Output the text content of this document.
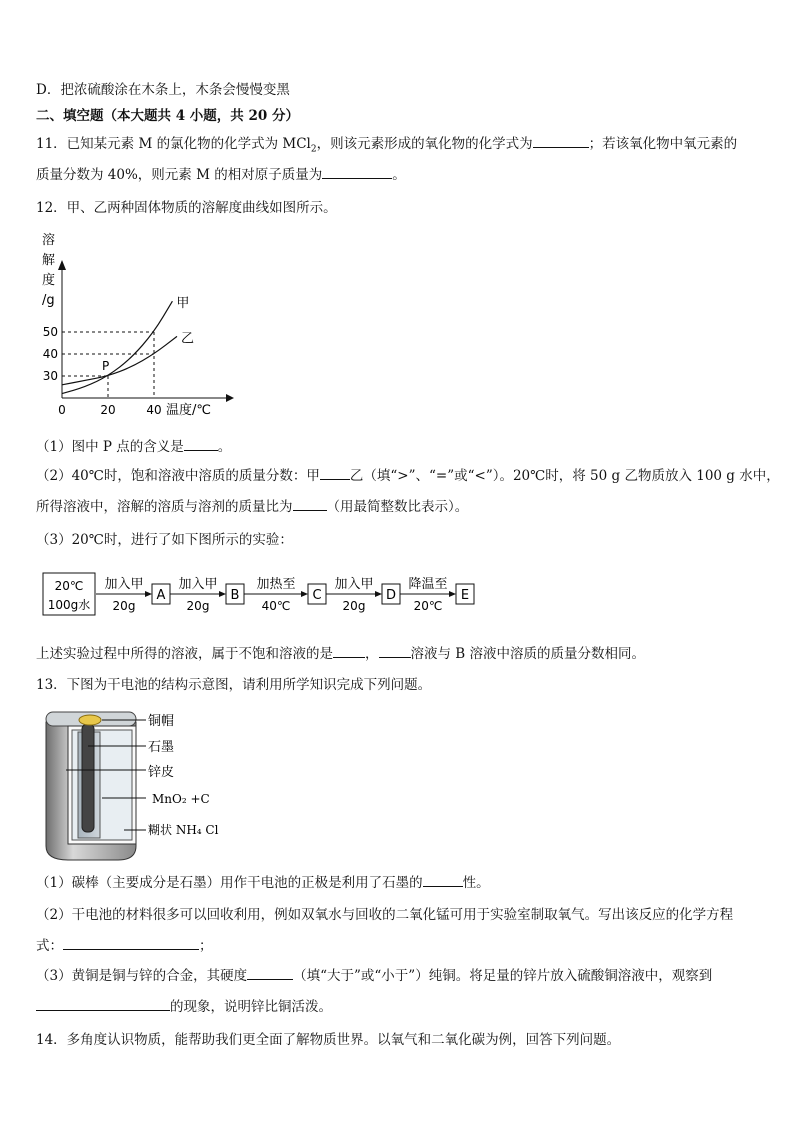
D．把浓硫酸涂在木条上，木条会慢慢变黑
二、填空题（本大题共 4 小题，共 20 分）
11．已知某元素 M 的氯化物的化学式为 MCl$_2$，则该元素形成的氧化物的化学式为	；若该氧化物中氧元素的
质量分数为 40%，则元素 M 的相对原子质量为	。
12．甲、乙两种固体物质的溶解度曲线如图所示。
溶
解
度
/g
0	20	40
30
40
50
甲
乙
P
温度/℃
（1）图中 P 点的含义是	。
（2）40℃时，饱和溶液中溶质的质量分数：甲 乙（填“>”、“=”或“<”）。20℃时，将 50 g 乙物质放入 100 g 水中，
所得溶液中，溶解的溶质与溶剂的质量比为	（用最简整数比表示）。
（3）20℃时，进行了如下图所示的实验：
20℃
100g水
加入甲
20g
A
加入甲
20g
B
加热至
40℃
C
加入甲
20g
D
降温至
20℃
E
上述实验过程中所得的溶液，属于不饱和溶液的是 ， 溶液与 B 溶液中溶质的质量分数相同。
13．下图为干电池的结构示意图，请利用所学知识完成下列问题。
铜帽
石墨
锌皮
MnO₂ +C
糊状 NH₄ Cl
（1）碳棒（主要成分是石墨）用作干电池的正极是利用了石墨的	性。
（2）干电池的材料很多可以回收利用，例如双氧水与回收的二氧化锰可用于实验室制取氧气。写出该反应的化学方程
式：	；
（3）黄铜是铜与锌的合金，其硬度	（填“大于”或“小于”）纯铜。将足量的锌片放入硫酸铜溶液中，观察到
的现象，说明锌比铜活泼。
14．多角度认识物质，能帮助我们更全面了解物质世界。以氧气和二氧化碳为例，回答下列问题。
